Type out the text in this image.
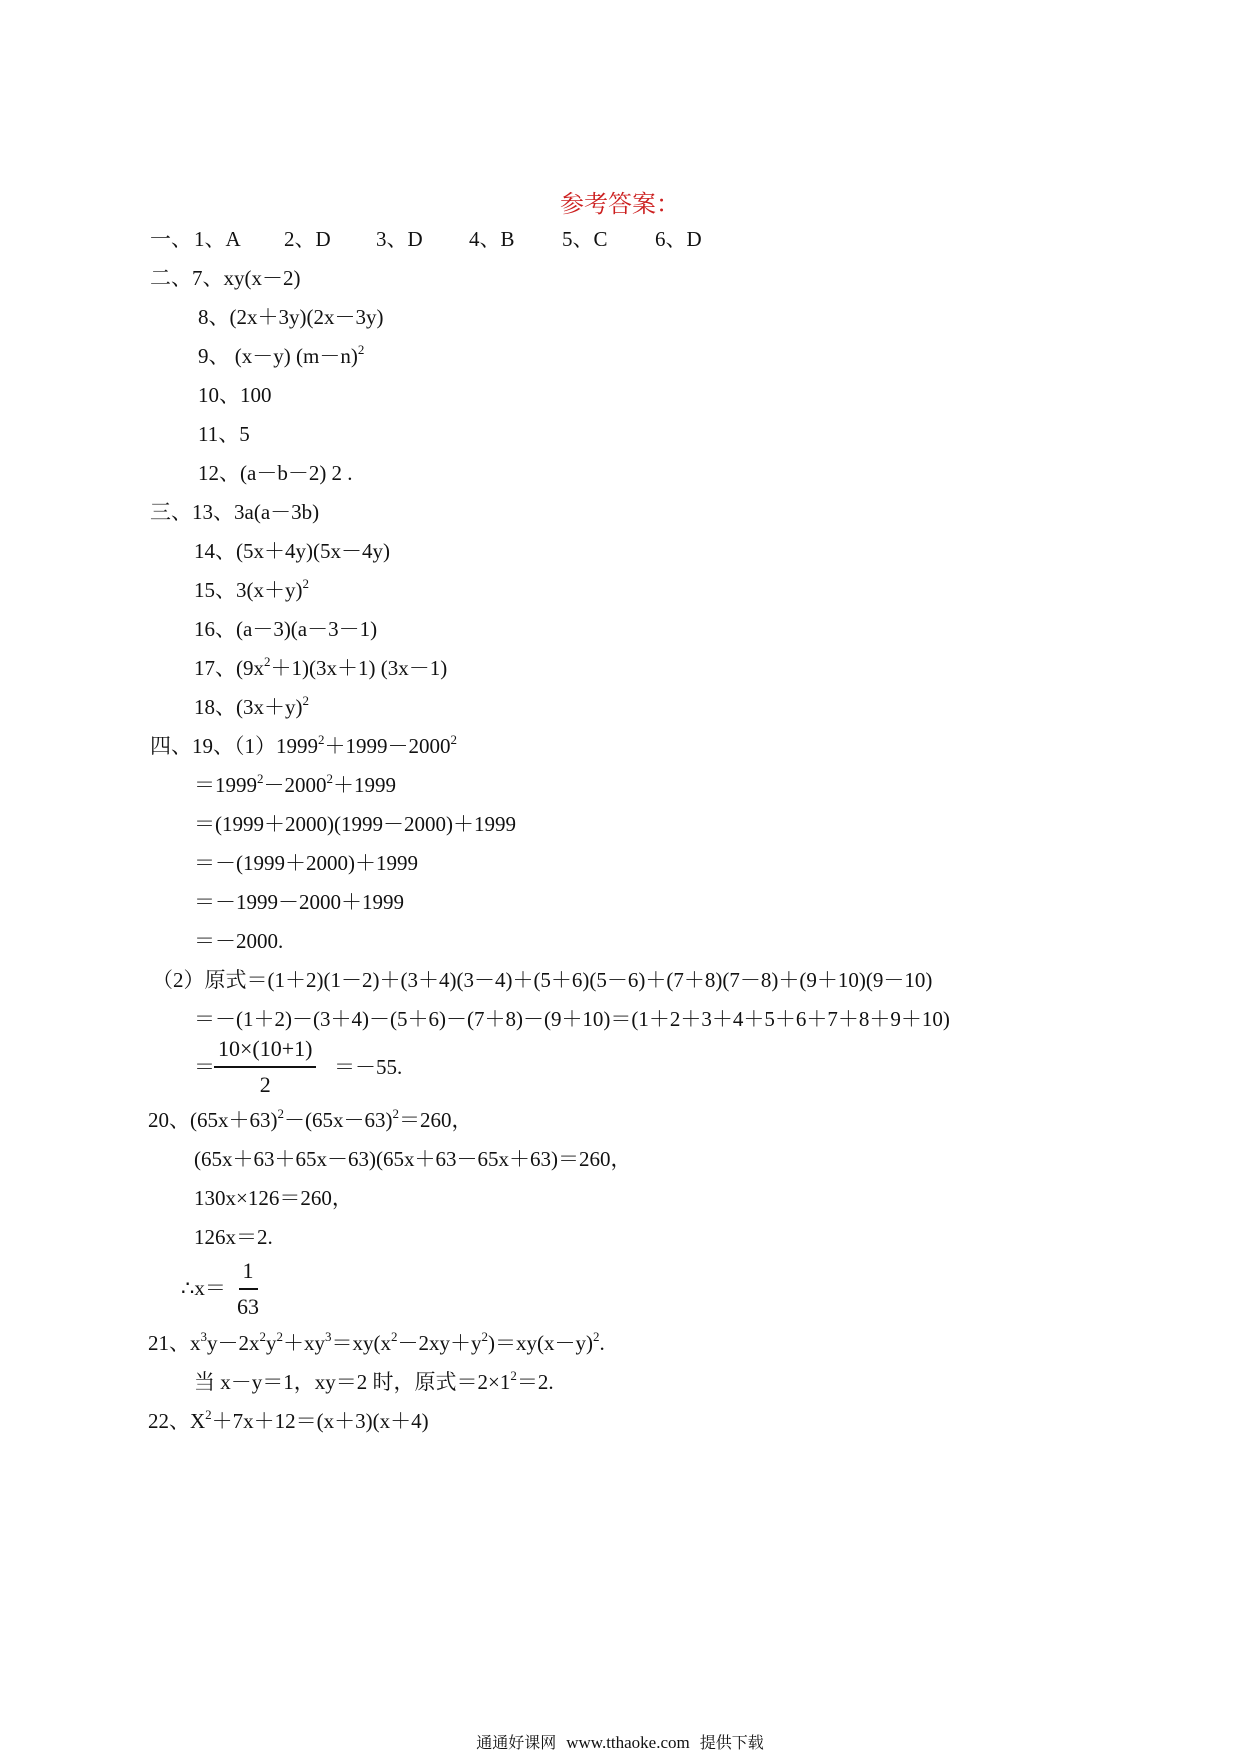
参考答案：
一、 1、A 2、D 3、D 4、B 5、C 6、D
二、7、xy(x－2)
8、(2x＋3y)(2x－3y)
9、 (x－y) $(m-n)^2$
10、100
11、5
12、(a－b－2) 2 .
三、13、3a(a－3b)
14、(5x＋4y)(5x－4y)
15、$3(x+y)^2$
16、(a－3)(a－3－1)
17、$(9x^2+1)(3x+1)$ (3x－1)
18、$(3x+y)^2$
四、19、$(1)1999^2+1999-2000^2$
$=1999^2-2000^2+1999$
＝(1999＋2000)(1999－2000)＋1999
＝－(1999＋2000)＋1999
＝－1999－2000＋1999
＝－2000.
（2）原式＝(1＋2)(1－2)＋(3＋4)(3－4)＋(5＋6)(5－6)＋(7＋8)(7－8)＋(9＋10)(9－10)
＝－(1＋2)－(3＋4)－(5＋6)－(7＋8)－(9＋10)＝(1＋2＋3＋4＋5＋6＋7＋8＋9＋10)
＝ $\frac{10\times(10+1)}{2} =-55$.
20、$(65x+63)^2-(65x-63)^2=260$，
(65x＋63＋65x－63)(65x＋63－65x＋63)＝260，
130x×126＝260，
126x＝2.
∴x＝ $\frac{1}{63}$
21、$x^3y-2x^2y^2+xy^3=xy(x^2-2xy+y^2)=xy(x-y)^2$.
当 x－y＝1，xy＝2 时，原式$=2\times 1^2=2$.
22、$X^2+7x+12=(x+3)(x+4)$
通通好课网 www.tthaoke.com 提供下载
